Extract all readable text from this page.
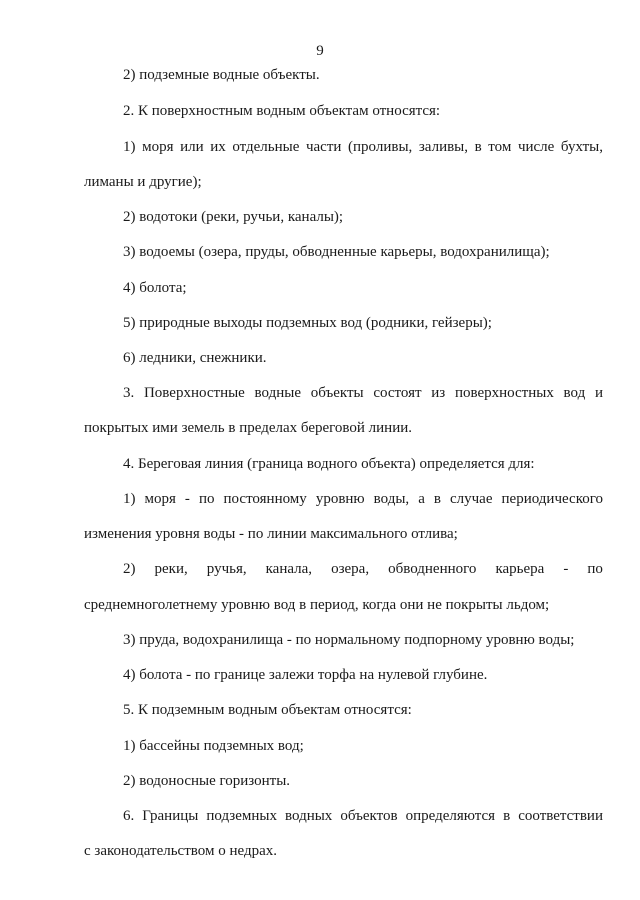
9
2) подземные водные объекты.
2. К поверхностным водным объектам относятся:
1) моря или их отдельные части (проливы, заливы, в том числе бухты,
лиманы и другие);
2) водотоки (реки, ручьи, каналы);
3) водоемы (озера, пруды, обводненные карьеры, водохранилища);
4) болота;
5) природные выходы подземных вод (родники, гейзеры);
6) ледники, снежники.
3. Поверхностные водные объекты состоят из поверхностных вод и
покрытых ими земель в пределах береговой линии.
4. Береговая линия (граница водного объекта) определяется для:
1) моря - по постоянному уровню воды, а в случае периодического
изменения уровня воды - по линии максимального отлива;
2) реки, ручья, канала, озера, обводненного карьера - по
среднемноголетнему уровню вод в период, когда они не покрыты льдом;
3) пруда, водохранилища - по нормальному подпорному уровню воды;
4) болота - по границе залежи торфа на нулевой глубине.
5. К подземным водным объектам относятся:
1) бассейны подземных вод;
2) водоносные горизонты.
6. Границы подземных водных объектов определяются в соответствии
с законодательством о недрах.
